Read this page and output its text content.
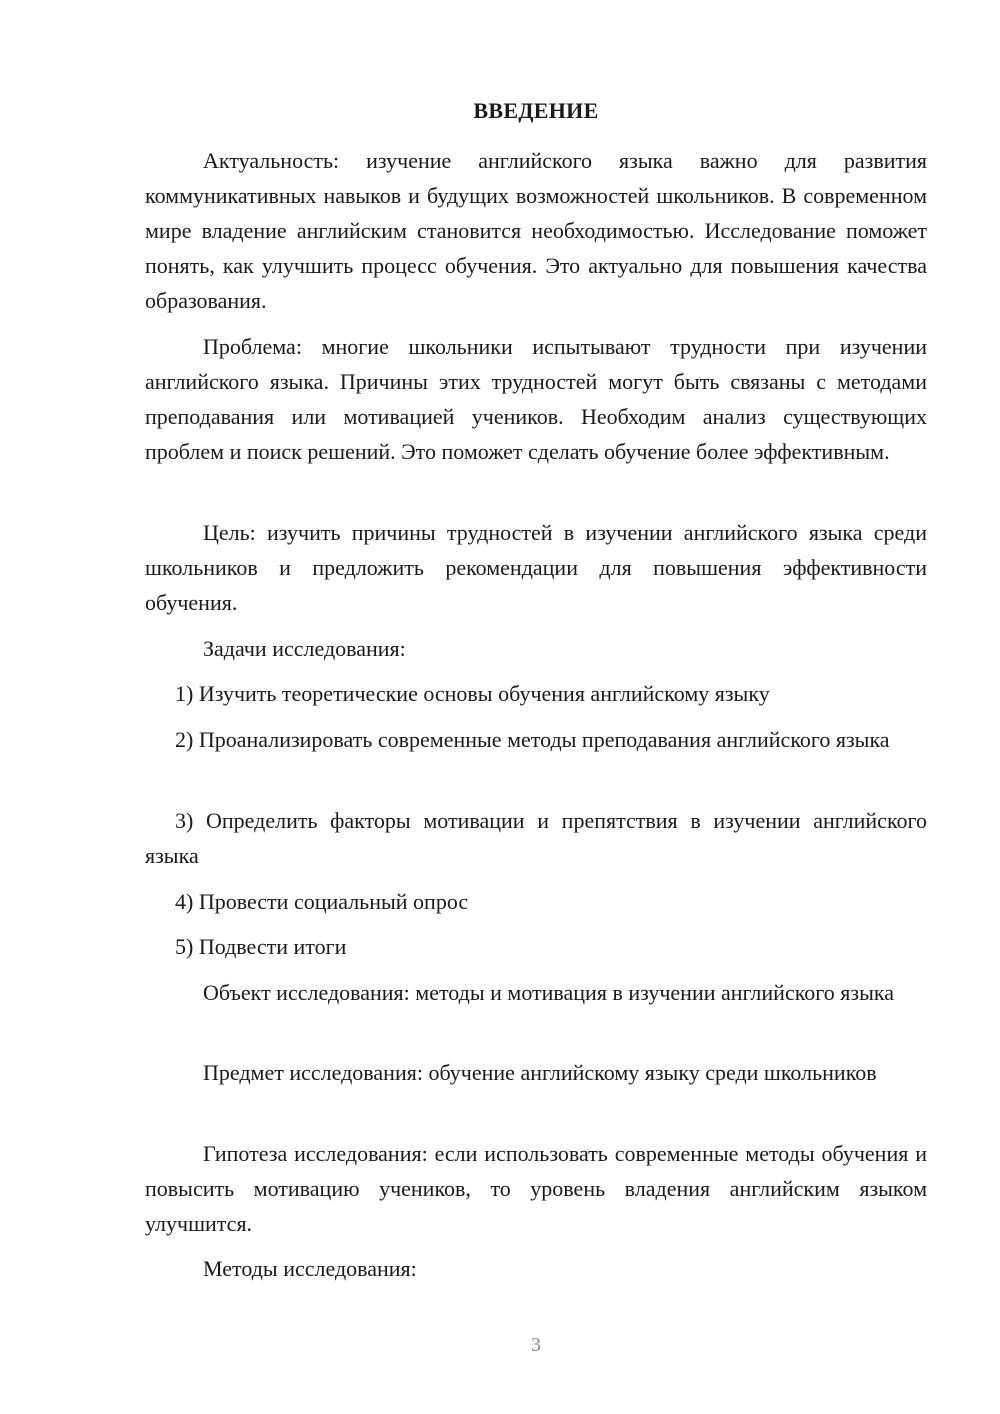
ВВЕДЕНИЕ

Актуальность: изучение английского языка важно для развития коммуникативных навыков и будущих возможностей школьников. В современном мире владение английским становится необходимостью. Исследование поможет понять, как улучшить процесс обучения. Это актуально для повышения качества образования.

Проблема: многие школьники испытывают трудности при изучении английского языка. Причины этих трудностей могут быть связаны с методами преподавания или мотивацией учеников. Необходим анализ существующих проблем и поиск решений. Это поможет сделать обучение более эффективным.

Цель: изучить причины трудностей в изучении английского языка среди школьников и предложить рекомендации для повышения эффективности обучения.

Задачи исследования:

1) Изучить теоретические основы обучения английскому языку

2) Проанализировать современные методы преподавания английского языка

3) Определить факторы мотивации и препятствия в изучении английского языка

4) Провести социальный опрос

5) Подвести итоги

Объект исследования: методы и мотивация в изучении английского языка

Предмет исследования: обучение английскому языку среди школьников

Гипотеза исследования: если использовать современные методы обучения и повысить мотивацию учеников, то уровень владения английским языком улучшится.

Методы исследования:

3
